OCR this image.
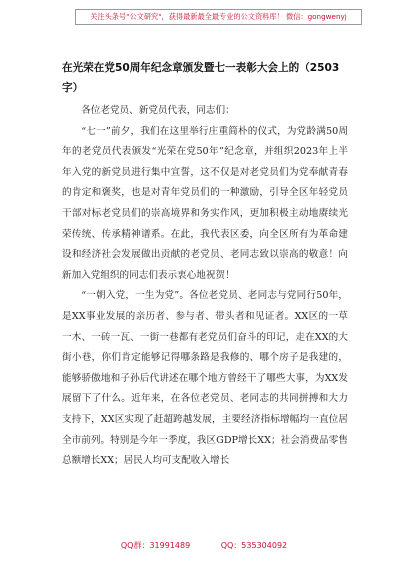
关注头条号"公文研究"，获得最新最全最专业的公文资料库！ 微信：gongwenyj
在光荣在党50周年纪念章颁发暨七一表彰大会上的（2503字）

各位老党员、新党员代表，同志们：

“七一”前夕，我们在这里举行庄重简朴的仪式，为党龄满50周年的老党员代表颁发“光荣在党50年”纪念章，并组织2023年上半年入党的新党员进行集中宣誓，这不仅是对老党员们为党奉献青春的肯定和褒奖，也是对青年党员们的一种激励，引导全区年轻党员干部对标老党员们的崇高境界和务实作风，更加积极主动地赓续光荣传统、传承精神谱系。在此，我代表区委，向全区所有为革命建设和经济社会发展做出贡献的老党员、老同志致以崇高的敬意！向新加入党组织的同志们表示衷心地祝贺！

“一朝入党，一生为党”。各位老党员、老同志与党同行50年，是XX事业发展的亲历者、参与者、带头者和见证者。XX区的一草一木、一砖一瓦、一街一巷都有老党员们奋斗的印记，走在XX的大街小巷，你们肯定能够记得哪条路是我修的、哪个房子是我建的，能够骄傲地和子孙后代讲述在哪个地方曾经干了哪些大事，为XX发展留下了什么。近年来，在各位老党员、老同志的共同拼搏和大力支持下，XX区实现了赶超跨越发展，主要经济指标增幅均一直位居全市前列。特别是今年一季度，我区GDP增长XX；社会消费品零售总额增长XX；居民人均可支配收入增长

QQ群：31991489	QQ：535304092
